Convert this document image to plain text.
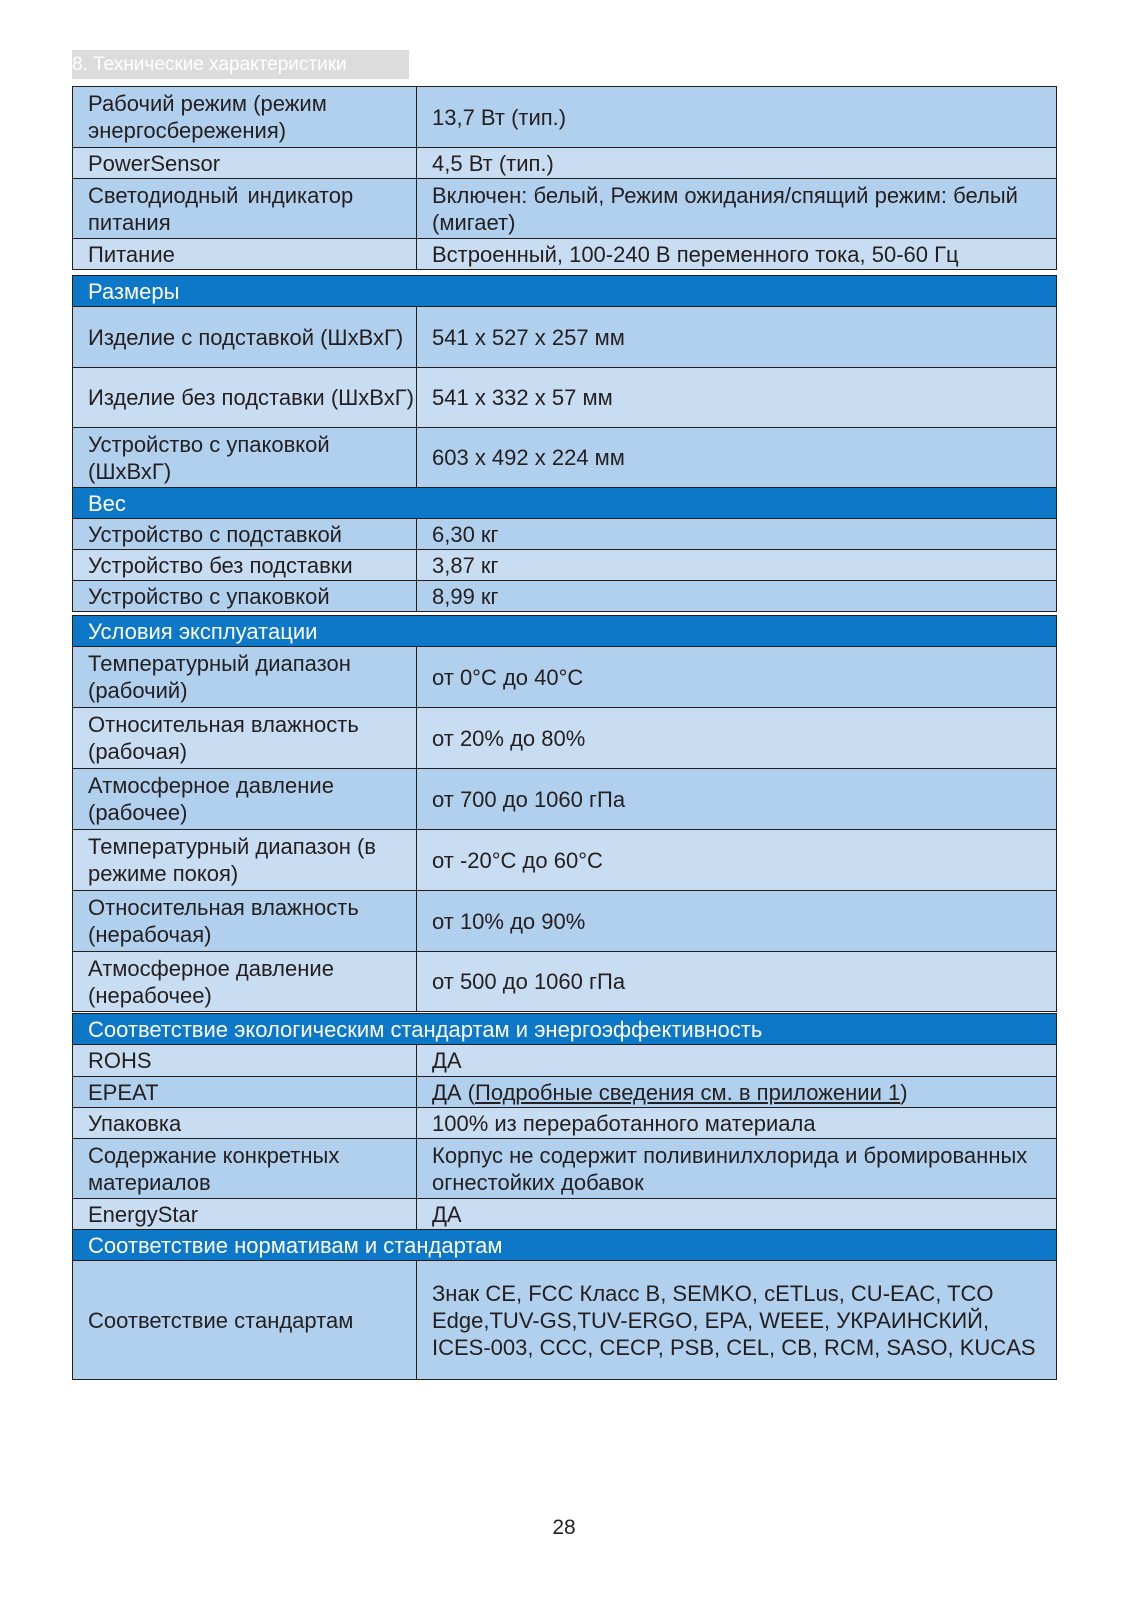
8. Технические характеристики
Рабочий режим (режим энергосбережения)	13,7 Вт (тип.)
PowerSensor	4,5 Вт (тип.)
Светодиодный индикатор питания	Включен: белый, Режим ожидания/спящий режим: белый (мигает)
Питание	Встроенный, 100-240 В переменного тока, 50-60 Гц
Размеры	
Изделие с подставкой (ШхВхГ)	541 x 527 x 257 мм
Изделие без подставки (ШхВхГ)	541 x 332 x 57 мм
Устройство с упаковкой (ШхВхГ)	603 x 492 x 224 мм
Вес	
Устройство с подставкой	6,30 кг
Устройство без подставки	3,87 кг
Устройство с упаковкой	8,99 кг
Условия эксплуатации	
Температурный диапазон (рабочий)	от 0°C до 40°C
Относительная влажность (рабочая)	от 20% до 80%
Атмосферное давление (рабочее)	от 700 до 1060 гПа
Температурный диапазон (в режиме покоя)	от -20°C до 60°C
Относительная влажность (нерабочая)	от 10% до 90%
Атмосферное давление (нерабочее)	от 500 до 1060 гПа
Соответствие экологическим стандартам и энергоэффективность	
ROHS	ДА
EPEAT	ДА (Подробные сведения см. в приложении 1)
Упаковка	100% из переработанного материала
Содержание конкретных материалов	Корпус не содержит поливинилхлорида и бромированных огнестойких добавок
EnergyStar	ДА
Соответствие нормативам и стандартам	
Соответствие стандартам	Знак CE, FCC Класс B, SEMKO, cETLus, CU-EAC, TCO Edge,TUV-GS,TUV-ERGO, EPA, WEEE, УКРАИНСКИЙ, ICES-003, CCC, CECP, PSB, CEL, CB, RCM, SASO, KUCAS
28
